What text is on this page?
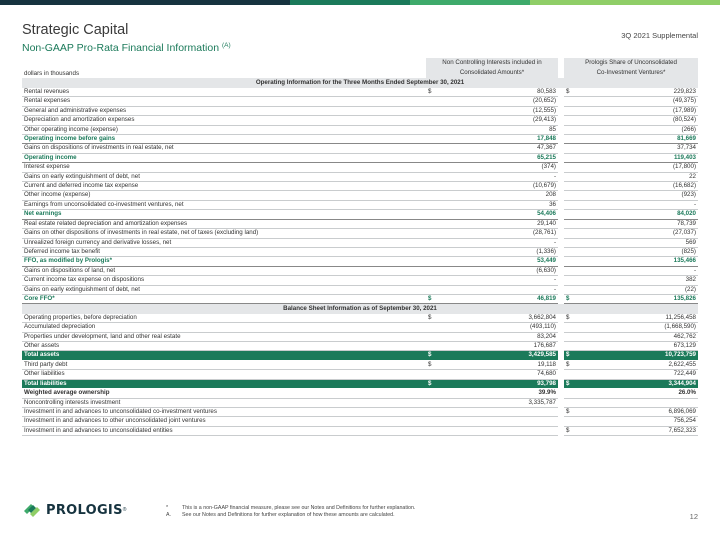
Strategic Capital
Non-GAAP Pro-Rata Financial Information $^{(A)}$
3Q 2021 Supplemental
dollars in thousands	Non Controlling Interests included in			Prologis Share of Unconsolidated	
	Consolidated Amounts*			Co-Investment Ventures*	
Operating Information for the Three Months Ended September 30, 2021					
Rental revenues	$	80,583		$	229,823
Rental expenses		(20,652)			(49,375)
General and administrative expenses		(12,555)			(17,989)
Depreciation and amortization expenses		(29,413)			(80,524)
Other operating income (expense)		85			(266)
Operating income before gains		17,848			81,669
Gains on dispositions of investments in real estate, net		47,367			37,734
Operating income		65,215			119,403
Interest expense		(374)			(17,800)
Gains on early extinguishment of debt, net		-			22
Current and deferred income tax expense		(10,679)			(16,682)
Other income (expense)		208			(923)
Earnings from unconsolidated co-investment ventures, net		36			-
Net earnings		54,406			84,020
Real estate related depreciation and amortization expenses		29,140			78,739
Gains on other dispositions of investments in real estate, net of taxes (excluding land)		(28,761)			(27,037)
Unrealized foreign currency and derivative losses, net		-			569
Deferred income tax benefit		(1,336)			(825)
FFO, as modified by Prologis*		53,449			135,466
Gains on dispositions of land, net		(6,630)			-
Current income tax expense on dispositions		-			382
Gains on early extinguishment of debt, net		-			(22)
Core FFO*	$	46,819		$	135,826
Balance Sheet Information as of September 30, 2021					
Operating properties, before depreciation	$	3,662,804		$	11,256,458
Accumulated depreciation		(493,110)			(1,668,590)
Properties under development, land and other real estate		83,204			462,762
Other assets		176,687			673,129
Total assets	$	3,429,585		$	10,723,759
Third party debt	$	19,118		$	2,622,455
Other liabilities		74,680			722,449
Total liabilities	$	93,798		$	3,344,904
Weighted average ownership		39.9%			26.0%
Noncontrolling interests investment		3,335,787			
Investment in and advances to unconsolidated co-investment ventures				$	6,896,069
Investment in and advances to other unconsolidated joint ventures					756,254
Investment in and advances to unconsolidated entities				$	7,652,323
PROLOGIS ®	*	This is a non-GAAP financial measure, please see our Notes and Definitions for further explanation.
A.	See our Notes and Definitions for further explanation of how these amounts are calculated.	12
